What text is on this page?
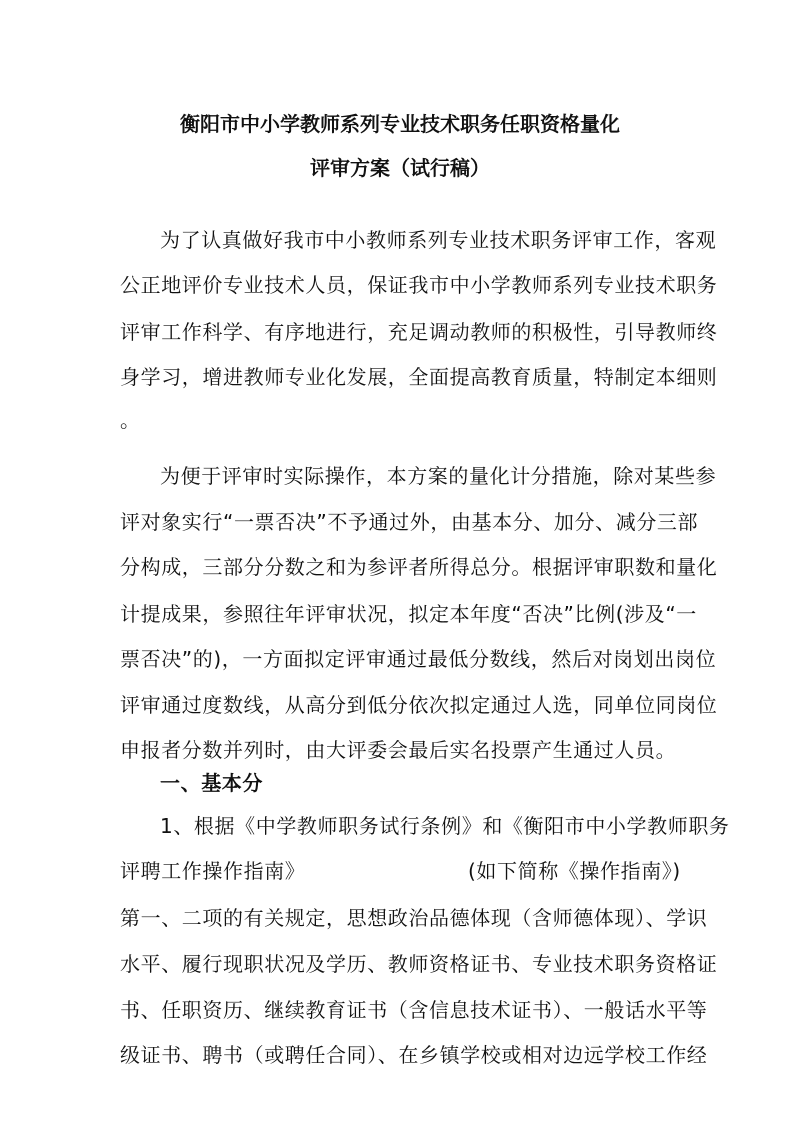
衡阳市中小学教师系列专业技术职务任职资格量化
评审方案（试行稿）
为了认真做好我市中小教师系列专业技术职务评审工作，客观
公正地评价专业技术人员，保证我市中小学教师系列专业技术职务
评审工作科学、有序地进行，充足调动教师的积极性，引导教师终
身学习，增进教师专业化发展，全面提高教育质量，特制定本细则
。
为便于评审时实际操作，本方案的量化计分措施，除对某些参
评对象实行“一票否决”不予通过外，由基本分、加分、减分三部
分构成，三部分分数之和为参评者所得总分。根据评审职数和量化
计提成果，参照往年评审状况，拟定本年度“否决”比例(涉及“一
票否决”的)，一方面拟定评审通过最低分数线，然后对岗划出岗位
评审通过度数线，从高分到低分依次拟定通过人选，同单位同岗位
申报者分数并列时，由大评委会最后实名投票产生通过人员。
一、基本分
1、根据《中学教师职务试行条例》和《衡阳市中小学教师职务
评聘工作操作指南》	(如下简称《操作指南》)
第一、二项的有关规定，思想政治品德体现（含师德体现）、学识
水平、履行现职状况及学历、教师资格证书、专业技术职务资格证
书、任职资历、继续教育证书（含信息技术证书）、一般话水平等
级证书、聘书（或聘任合同）、在乡镇学校或相对边远学校工作经
